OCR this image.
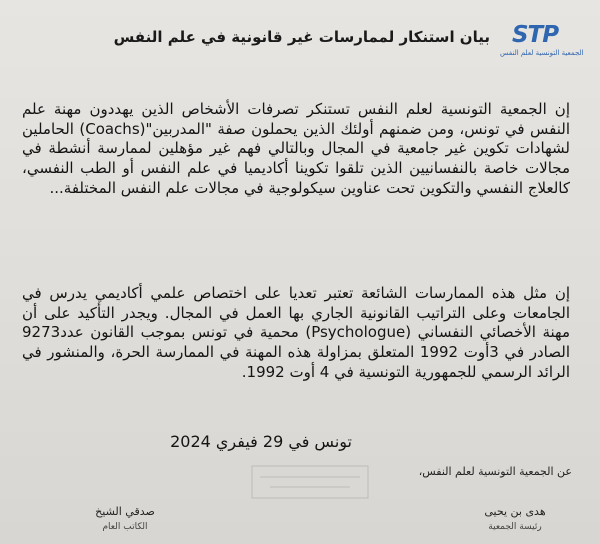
بيان استنكار لممارسات غير قانونية في علم النفس STP
الجمعية التونسية لعلم النفس
إن الجمعية التونسية لعلم النفس تستنكر تصرفات الأشخاص الذين يهددون مهنة علم النفس في تونس، ومن ضمنهم أولئك الذين يحملون صفة "المدربين"(Coachs) الحاملين لشهادات تكوين غير جامعية في المجال وبالتالي فهم غير مؤهلين لممارسة أنشطة في مجالات خاصة بالنفسانيين الذين تلقوا تكوينا أكاديميا في علم النفس أو الطب النفسي، كالعلاج النفسي والتكوين تحت عناوين سيكولوجية في مجالات علم النفس المختلفة...
إن مثل هذه الممارسات الشائعة تعتبر تعديا على اختصاص علمي أكاديمي يدرس في الجامعات وعلى التراتيب القانونية الجاري بها العمل في المجال. ويجدر التأكيد على أن مهنة الأخصائي النفساني (Psychologue) محمية في تونس بموجب القانون عدد9273 الصادر في 3أوت 1992 المتعلق بمزاولة هذه المهنة في الممارسة الحرة، والمنشور في الرائد الرسمي للجمهورية التونسية في 4 أوت 1992.
تونس في 29 فيفري 2024
عن الجمعية التونسية لعلم النفس،
هدى بن يحيى
رئيسة الجمعية
صدقي الشيخ
الكاتب العام
